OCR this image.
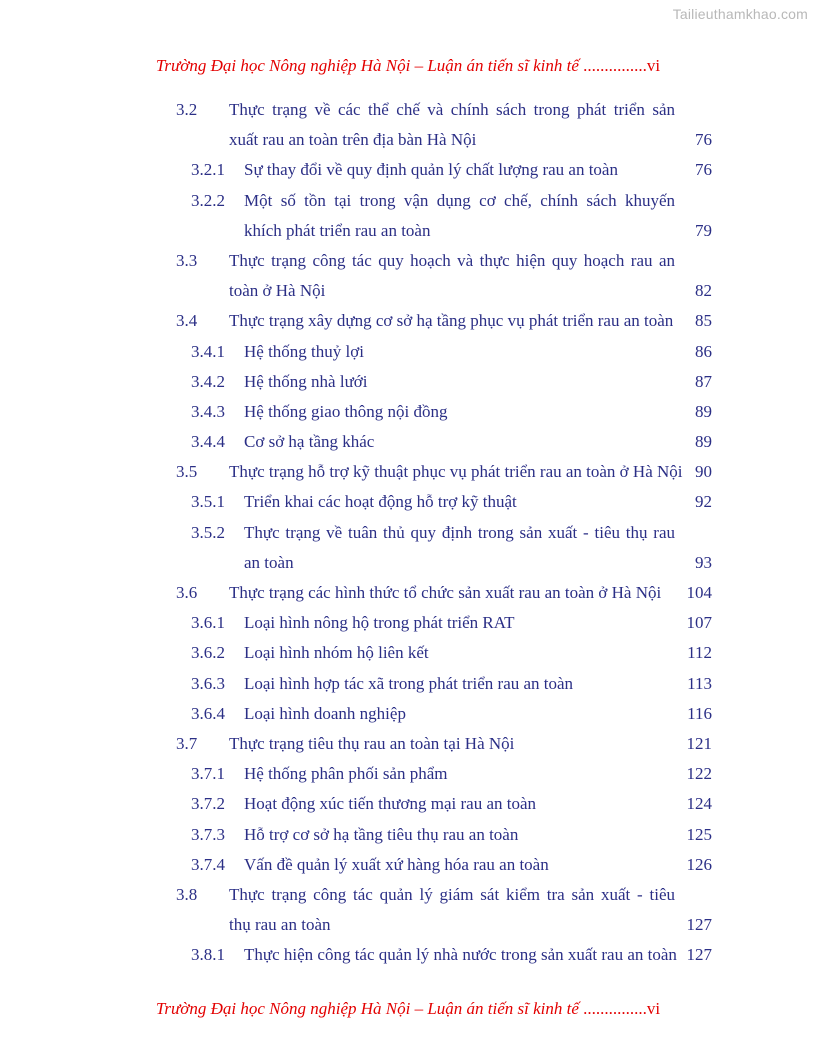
Tailieuthamkhao.com
Trường Đại học Nông nghiệp Hà Nội – Luận án tiến sĩ kinh tế ...............vi
3.2 Thực trạng về các thể chế và chính sách trong phát triển sản
xuất rau an toàn trên địa bàn Hà Nội	76
3.2.1 Sự thay đổi về quy định quản lý chất lượng rau an toàn	76
3.2.2 Một số tồn tại trong vận dụng cơ chế, chính sách khuyến
khích phát triển rau an toàn	79
3.3 Thực trạng công tác quy hoạch và thực hiện quy hoạch rau an
toàn ở Hà Nội	82
3.4 Thực trạng xây dựng cơ sở hạ tầng phục vụ phát triển rau an toàn 85
3.4.1 Hệ thống thuỷ lợi	86
3.4.2 Hệ thống nhà lưới	87
3.4.3 Hệ thống giao thông nội đồng	89
3.4.4 Cơ sở hạ tầng khác	89
3.5 Thực trạng hỗ trợ kỹ thuật phục vụ phát triển rau an toàn ở Hà Nội 90
3.5.1 Triển khai các hoạt động hỗ trợ kỹ thuật	92
3.5.2 Thực trạng về tuân thủ quy định trong sản xuất - tiêu thụ rau
an toàn	93
3.6 Thực trạng các hình thức tổ chức sản xuất rau an toàn ở Hà Nội 104
3.6.1 Loại hình nông hộ trong phát triển RAT	107
3.6.2 Loại hình nhóm hộ liên kết	112
3.6.3 Loại hình hợp tác xã trong phát triển rau an toàn	113
3.6.4 Loại hình doanh nghiệp	116
3.7 Thực trạng tiêu thụ rau an toàn tại Hà Nội	121
3.7.1 Hệ thống phân phối sản phẩm	122
3.7.2 Hoạt động xúc tiến thương mại rau an toàn	124
3.7.3 Hỗ trợ cơ sở hạ tầng tiêu thụ rau an toàn	125
3.7.4 Vấn đề quản lý xuất xứ hàng hóa rau an toàn	126
3.8 Thực trạng công tác quản lý giám sát kiểm tra sản xuất - tiêu
thụ rau an toàn	127
3.8.1 Thực hiện công tác quản lý nhà nước trong sản xuất rau an toàn 127
Trường Đại học Nông nghiệp Hà Nội – Luận án tiến sĩ kinh tế ...............vi
